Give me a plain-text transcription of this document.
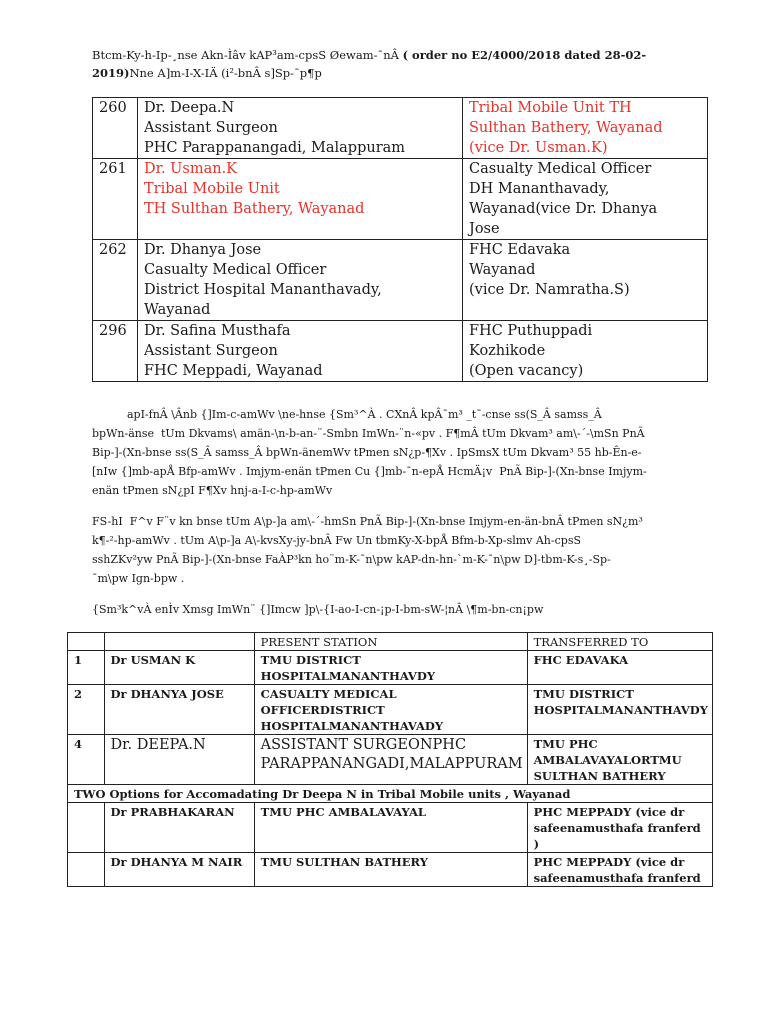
Btcm-Ky-h-Ip-¸nse Akn-Ìâv kAP³am-cpsS Øewam-¯nÂ ( order no E2/4000/2018 dated 28-02-2019)Nne A]m-I-X-IÄ (i²-bnÂ s]Sp-¯p¶p
260	Dr. Deepa.N
Assistant Surgeon
PHC Parappanangadi, Malappuram	Tribal Mobile Unit TH
Sulthan Bathery, Wayanad
(vice Dr. Usman.K)

261	Dr. Usman.K
Tribal Mobile Unit
TH Sulthan Bathery, Wayanad	Casualty Medical Officer
DH Mananthavady,
Wayanad(vice Dr. Dhanya
Jose

262	Dr. Dhanya Jose
Casualty Medical Officer
District Hospital Mananthavady,
Wayanad	FHC Edavaka
Wayanad
(vice Dr. Namratha.S)

296	Dr. Safina Musthafa
Assistant Surgeon
FHC Meppadi, Wayanad	FHC Puthuppadi
Kozhikode
(Open vacancy)
apI-fnÂ \Ânb {]Im-c-amWv \ne-hnse {Sm³^À . CXnÂ kpÂ¯m³ _t¯-cnse ss(S_Â samss_Â
bpWn-änse  tUm Dkvams\ amän-\n-b-an-¨-Smbn ImWn-¨n-«pv . F¶mÂ tUm Dkvam³ am\-´-\mSn PnÃ
Bip-]-(Xn-bnse ss(S_Â samss_Â bpWn-änemWv tPmen sN¿p-¶Xv . IpSmsX tUm Dkvam³ 55 hb-Ên-e-
[nIw {]mb-apÅ Bfp-amWv . Imjym-enän tPmen Cu {]mb-¯n-epÅ HcmÄ¡v  PnÃ Bip-]-(Xn-bnse Imjym-
enän tPmen sN¿pI F¶Xv hnj-a-I-c-hp-amWv
FS-hI  F^v F¨v kn bnse tUm A\p-]a am\-´-hmSn PnÃ Bip-]-(Xn-bnse Imjym-en-än-bnÂ tPmen sN¿m³
k¶-²-hp-amWv . tUm A\p-]a A\-kvsXy-jy-bnÂ Fw Un tbmKy-X-bpÅ Bfm-b-Xp-slmv Ah-cpsS
sshZKv²yw PnÃ Bip-]-(Xn-bnse FaÀP³kn ho¨m-K-¯n\pw kAP-dn-hn-`m-K-¯n\pw D]-tbm-K-s¸-Sp-
¯m\pw Ign-bpw .
{Sm³k^vÀ enÌv Xmsg ImWn¨ {]Imcw ]p\-{I-ao-I-cn-¡p-I-bm-sW-¦nÂ \¶m-bn-cn¡pw
		PRESENT STATION	TRANSFERRED TO
1	Dr USMAN K	TMU DISTRICT HOSPITALMANANTHAVDY	FHC EDAVAKA
2	Dr DHANYA JOSE	CASUALTY MEDICAL OFFICERDISTRICT HOSPITALMANANTHAVADY	TMU DISTRICT HOSPITALMANANTHAVDY
4	Dr. DEEPA.N	ASSISTANT SURGEONPHC PARAPPANANGADI,MALAPPURAM	TMU PHC AMBALAVAYALORTMU SULTHAN BATHERY
TWO Options for Accomadating Dr Deepa N in Tribal Mobile units , Wayanad			
	Dr PRABHAKARAN	TMU PHC AMBALAVAYAL	PHC MEPPADY (vice dr safeenamusthafa franferd )
	Dr DHANYA M NAIR	TMU SULTHAN BATHERY	PHC MEPPADY (vice dr safeenamusthafa franferd
